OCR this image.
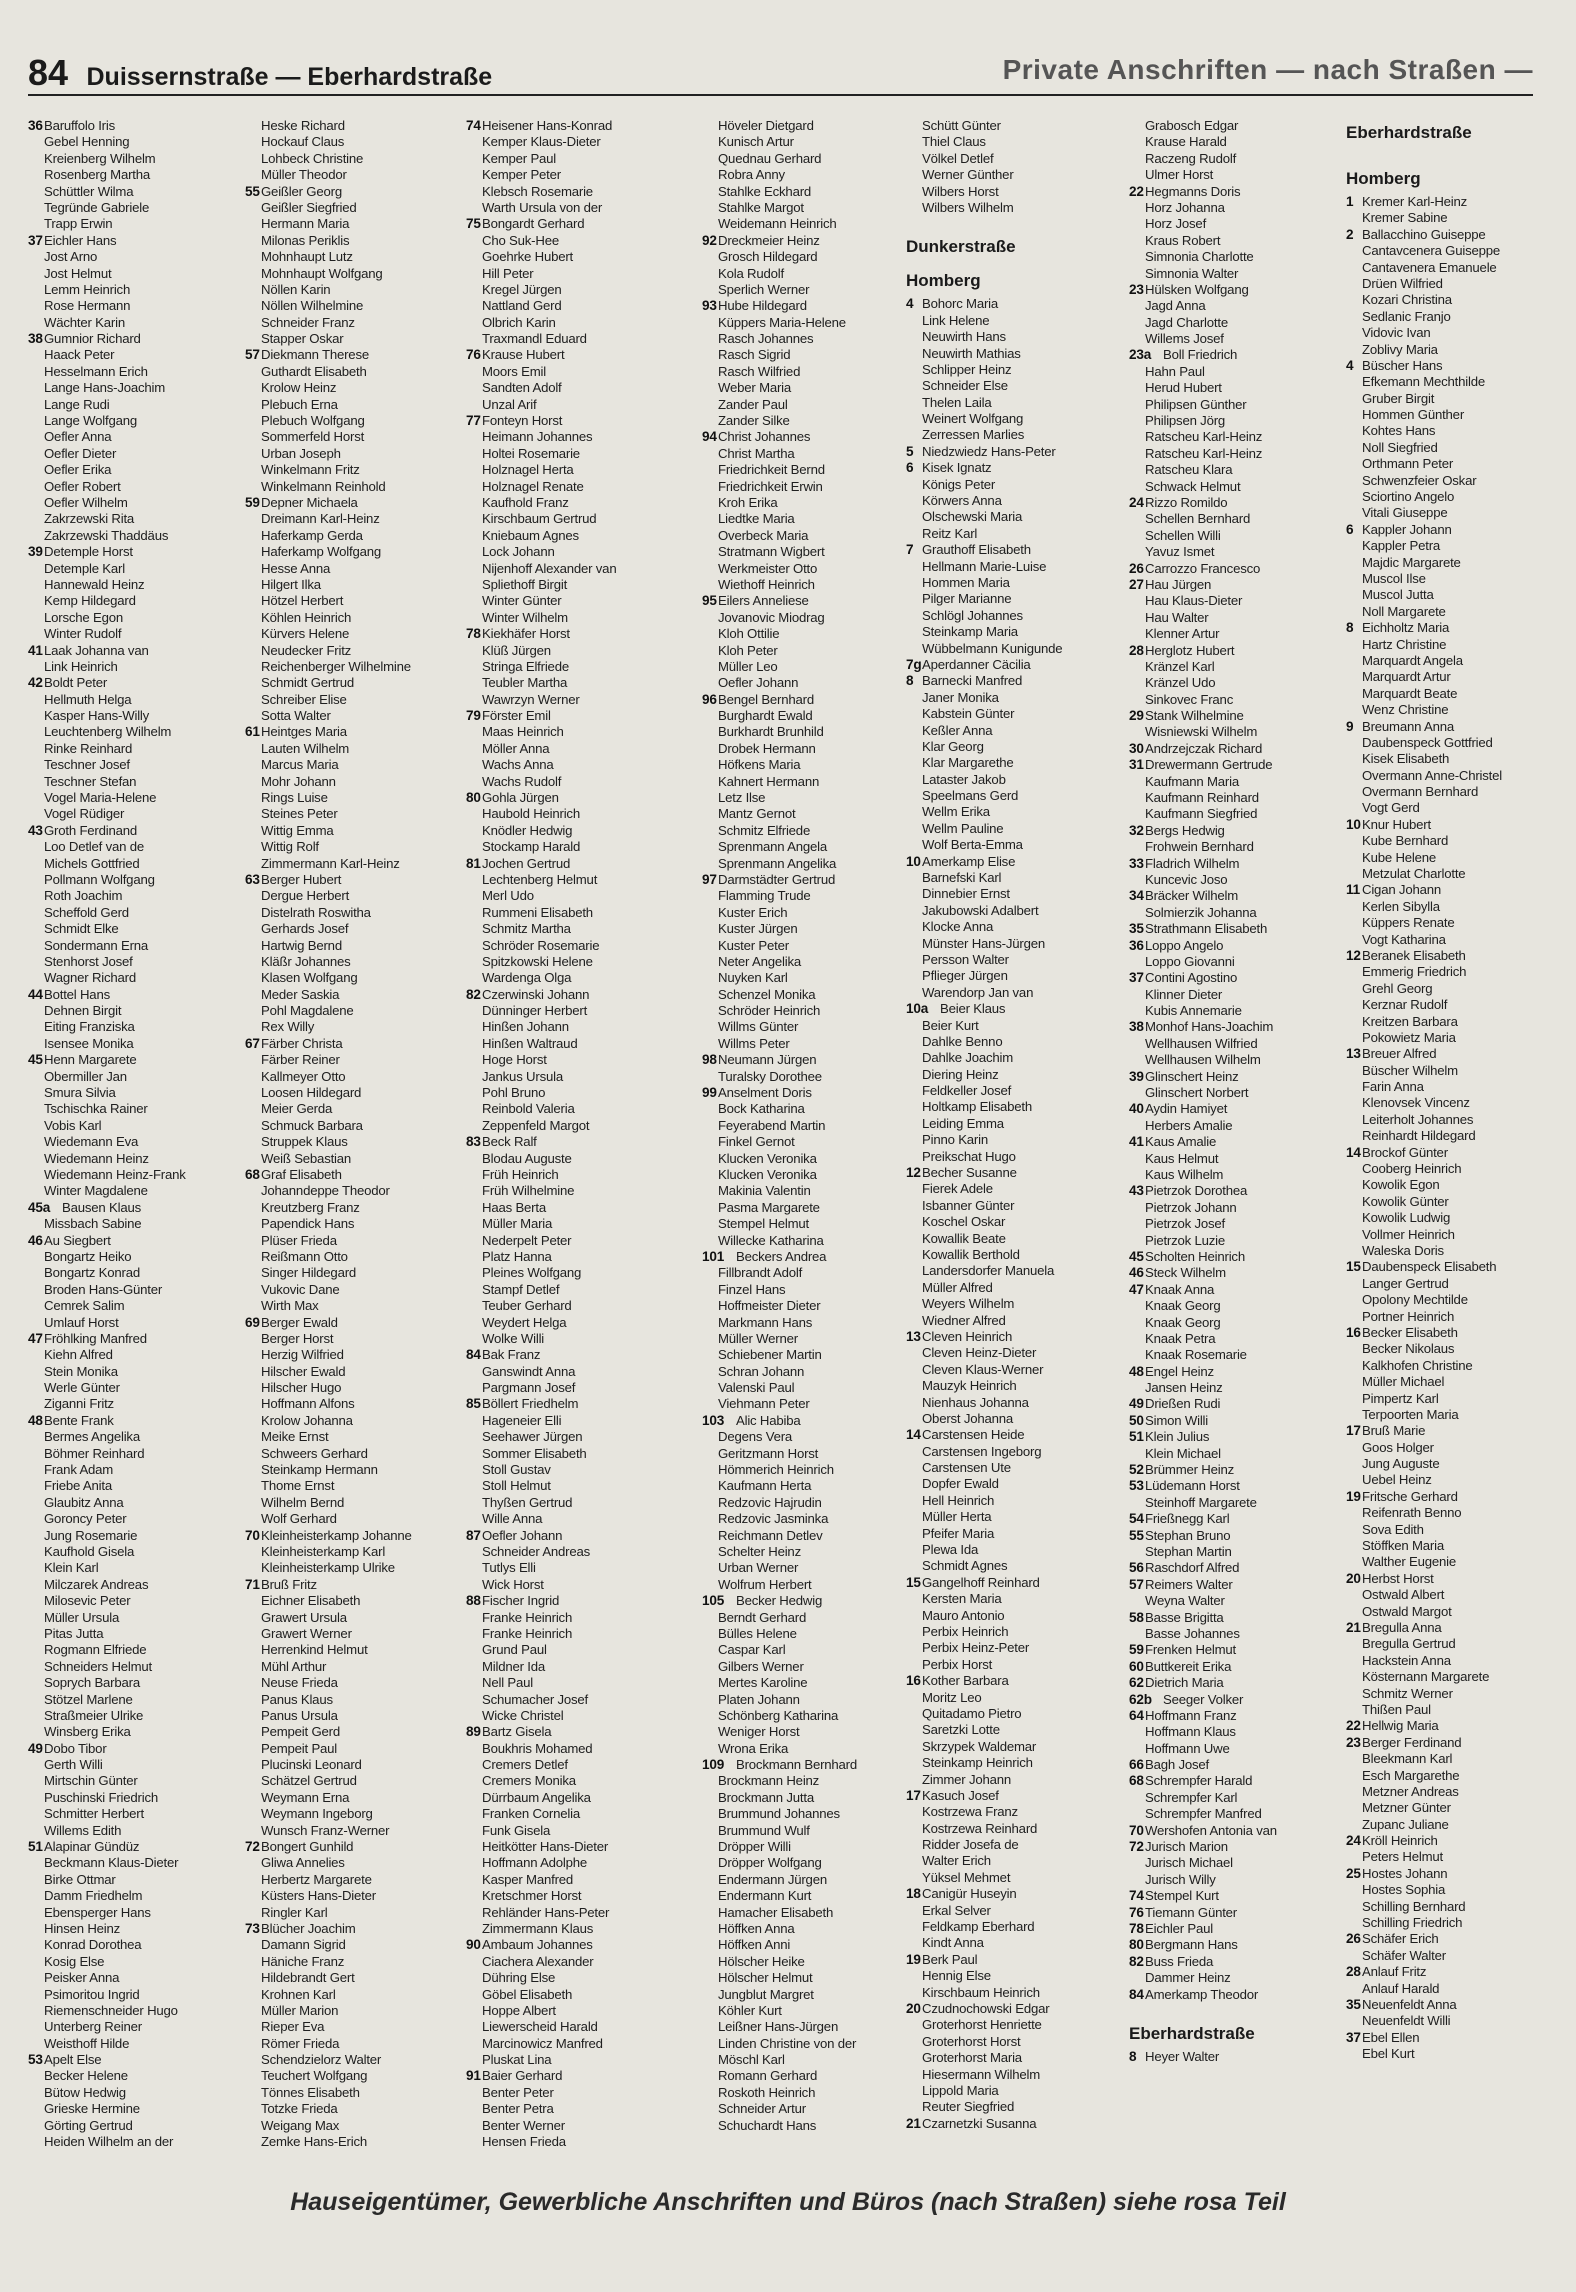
84 Duissernstraße — Eberhardstraße	Private Anschriften — nach Straßen —
36 Baruffolo Iris
Gebel Henning
Kreienberg Wilhelm
Rosenberg Martha
Schüttler Wilma
Tegründe Gabriele
Trapp Erwin
37 Eichler Hans
Jost Arno
Jost Helmut
Lemm Heinrich
Rose Hermann
Wächter Karin
38 Gumnior Richard
Haack Peter
Hesselmann Erich
Lange Hans-Joachim
Lange Rudi
Lange Wolfgang
Oefler Anna
Oefler Dieter
Oefler Erika
Oefler Robert
Oefler Wilhelm
Zakrzewski Rita
Zakrzewski Thaddäus
39 Detemple Horst
Detemple Karl
Hannewald Heinz
Kemp Hildegard
Lorsche Egon
Winter Rudolf
41 Laak Johanna van
Link Heinrich
42 Boldt Peter
Hellmuth Helga
Kasper Hans-Willy
Leuchtenberg Wilhelm
Rinke Reinhard
Teschner Josef
Teschner Stefan
Vogel Maria-Helene
Vogel Rüdiger
43 Groth Ferdinand
Loo Detlef van de
Michels Gottfried
Pollmann Wolfgang
Roth Joachim
Scheffold Gerd
Schmidt Elke
Sondermann Erna
Stenhorst Josef
Wagner Richard
44 Bottel Hans
Dehnen Birgit
Eiting Franziska
Isensee Monika
45 Henn Margarete
Obermiller Jan
Smura Silvia
Tschischka Rainer
Vobis Karl
Wiedemann Eva
Wiedemann Heinz
Wiedemann Heinz-Frank
Winter Magdalene
45a Bausen Klaus
Missbach Sabine
46 Au Siegbert
Bongartz Heiko
Bongartz Konrad
Broden Hans-Günter
Cemrek Salim
Umlauf Horst
47 Fröhlking Manfred
Kiehn Alfred
Stein Monika
Werle Günter
Ziganni Fritz
48 Bente Frank
Bermes Angelika
Böhmer Reinhard
Frank Adam
Friebe Anita
Glaubitz Anna
Goroncy Peter
Jung Rosemarie
Kaufhold Gisela
Klein Karl
Milczarek Andreas
Milosevic Peter
Müller Ursula
Pitas Jutta
Rogmann Elfriede
Schneiders Helmut
Soprych Barbara
Stötzel Marlene
Straßmeier Ulrike
Winsberg Erika
49 Dobo Tibor
Gerth Willi
Mirtschin Günter
Puschinski Friedrich
Schmitter Herbert
Willems Edith
51 Alapinar Gündüz
Beckmann Klaus-Dieter
Birke Ottmar
Damm Friedhelm
Ebensperger Hans
Hinsen Heinz
Konrad Dorothea
Kosig Else
Peisker Anna
Psimoritou Ingrid
Riemenschneider Hugo
Unterberg Reiner
Weisthoff Hilde
53 Apelt Else
Becker Helene
Bütow Hedwig
Grieske Hermine
Görting Gertrud
Heiden Wilhelm an der
Heske Richard
Hockauf Claus
Lohbeck Christine
Müller Theodor
55 Geißler Georg
Geißler Siegfried
Hermann Maria
Milonas Periklis
Mohnhaupt Lutz
Mohnhaupt Wolfgang
Nöllen Karin
Nöllen Wilhelmine
Schneider Franz
Stapper Oskar
57 Diekmann Therese
Guthardt Elisabeth
Krolow Heinz
Plebuch Erna
Plebuch Wolfgang
Sommerfeld Horst
Urban Joseph
Winkelmann Fritz
Winkelmann Reinhold
59 Depner Michaela
Dreimann Karl-Heinz
Haferkamp Gerda
Haferkamp Wolfgang
Hesse Anna
Hilgert Ilka
Hötzel Herbert
Köhlen Heinrich
Kürvers Helene
Neudecker Fritz
Reichenberger Wilhelmine
Schmidt Gertrud
Schreiber Elise
Sotta Walter
61 Heintges Maria
Lauten Wilhelm
Marcus Maria
Mohr Johann
Rings Luise
Steines Peter
Wittig Emma
Wittig Rolf
Zimmermann Karl-Heinz
63 Berger Hubert
Dergue Herbert
Distelrath Roswitha
Gerhards Josef
Hartwig Bernd
Kläßr Johannes
Klasen Wolfgang
Meder Saskia
Pohl Magdalene
Rex Willy
67 Färber Christa
Färber Reiner
Kallmeyer Otto
Loosen Hildegard
Meier Gerda
Schmuck Barbara
Struppek Klaus
Weiß Sebastian
68 Graf Elisabeth
Johanndeppe Theodor
Kreutzberg Franz
Papendick Hans
Plüser Frieda
Reißmann Otto
Singer Hildegard
Vukovic Dane
Wirth Max
69 Berger Ewald
Berger Horst
Herzig Wilfried
Hilscher Ewald
Hilscher Hugo
Hoffmann Alfons
Krolow Johanna
Meike Ernst
Schweers Gerhard
Steinkamp Hermann
Thome Ernst
Wilhelm Bernd
Wolf Gerhard
70 Kleinheisterkamp Johanne
Kleinheisterkamp Karl
Kleinheisterkamp Ulrike
71 Bruß Fritz
Eichner Elisabeth
Grawert Ursula
Grawert Werner
Herrenkind Helmut
Mühl Arthur
Neuse Frieda
Panus Klaus
Panus Ursula
Pempeit Gerd
Pempeit Paul
Plucinski Leonard
Schätzel Gertrud
Weymann Erna
Weymann Ingeborg
Wunsch Franz-Werner
72 Bongert Gunhild
Gliwa Annelies
Herbertz Margarete
Küsters Hans-Dieter
Ringler Karl
73 Blücher Joachim
Damann Sigrid
Häniche Franz
Hildebrandt Gert
Krohnen Karl
Müller Marion
Rieper Eva
Römer Frieda
Schendzielorz Walter
Teuchert Wolfgang
Tönnes Elisabeth
Totzke Frieda
Weigang Max
Zemke Hans-Erich
74 Heisener Hans-Konrad
Kemper Klaus-Dieter
Kemper Paul
Kemper Peter
Klebsch Rosemarie
Warth Ursula von der
75 Bongardt Gerhard
Cho Suk-Hee
Goehrke Hubert
Hill Peter
Kregel Jürgen
Nattland Gerd
Olbrich Karin
Traxmandl Eduard
76 Krause Hubert
Moors Emil
Sandten Adolf
Unzal Arif
77 Fonteyn Horst
Heimann Johannes
Holtei Rosemarie
Holznagel Herta
Holznagel Renate
Kaufhold Franz
Kirschbaum Gertrud
Kniebaum Agnes
Lock Johann
Nijenhoff Alexander van
Spliethoff Birgit
Winter Günter
Winter Wilhelm
78 Kiekhäfer Horst
Klüß Jürgen
Stringa Elfriede
Teubler Martha
Wawrzyn Werner
79 Förster Emil
Maas Heinrich
Möller Anna
Wachs Anna
Wachs Rudolf
80 Gohla Jürgen
Haubold Heinrich
Knödler Hedwig
Stockamp Harald
81 Jochen Gertrud
Lechtenberg Helmut
Merl Udo
Rummeni Elisabeth
Schmitz Martha
Schröder Rosemarie
Spitzkowski Helene
Wardenga Olga
82 Czerwinski Johann
Dünninger Herbert
Hinßen Johann
Hinßen Waltraud
Hoge Horst
Jankus Ursula
Pohl Bruno
Reinbold Valeria
Zeppenfeld Margot
83 Beck Ralf
Blodau Auguste
Früh Heinrich
Früh Wilhelmine
Haas Berta
Müller Maria
Nederpelt Peter
Platz Hanna
Pleines Wolfgang
Stampf Detlef
Teuber Gerhard
Weydert Helga
Wolke Willi
84 Bak Franz
Ganswindt Anna
Pargmann Josef
85 Böllert Friedhelm
Hageneier Elli
Seehawer Jürgen
Sommer Elisabeth
Stoll Gustav
Stoll Helmut
Thyßen Gertrud
Wille Anna
87 Oefler Johann
Schneider Andreas
Tutlys Elli
Wick Horst
88 Fischer Ingrid
Franke Heinrich
Franke Heinrich
Grund Paul
Mildner Ida
Nell Paul
Schumacher Josef
Wicke Christel
89 Bartz Gisela
Boukhris Mohamed
Cremers Detlef
Cremers Monika
Dürrbaum Angelika
Franken Cornelia
Funk Gisela
Heitkötter Hans-Dieter
Hoffmann Adolphe
Kasper Manfred
Kretschmer Horst
Rehländer Hans-Peter
Zimmermann Klaus
90 Ambaum Johannes
Ciachera Alexander
Dühring Else
Göbel Elisabeth
Hoppe Albert
Liewerscheid Harald
Marcinowicz Manfred
Pluskat Lina
91 Baier Gerhard
Benter Peter
Benter Petra
Benter Werner
Hensen Frieda
Höveler Dietgard
Kunisch Artur
Quednau Gerhard
Robra Anny
Stahlke Eckhard
Stahlke Margot
Weidemann Heinrich
92 Dreckmeier Heinz
Grosch Hildegard
Kola Rudolf
Sperlich Werner
93 Hube Hildegard
Küppers Maria-Helene
Rasch Johannes
Rasch Sigrid
Rasch Wilfried
Weber Maria
Zander Paul
Zander Silke
94 Christ Johannes
Christ Martha
Friedrichkeit Bernd
Friedrichkeit Erwin
Kroh Erika
Liedtke Maria
Overbeck Maria
Stratmann Wigbert
Werkmeister Otto
Wiethoff Heinrich
95 Eilers Anneliese
Jovanovic Miodrag
Kloh Ottilie
Kloh Peter
Müller Leo
Oefler Johann
96 Bengel Bernhard
Burghardt Ewald
Burkhardt Brunhild
Drobek Hermann
Höfkens Maria
Kahnert Hermann
Letz Ilse
Mantz Gernot
Schmitz Elfriede
Sprenmann Angela
Sprenmann Angelika
97 Darmstädter Gertrud
Flamming Trude
Kuster Erich
Kuster Jürgen
Kuster Peter
Neter Angelika
Nuyken Karl
Schenzel Monika
Schröder Heinrich
Willms Günter
Willms Peter
98 Neumann Jürgen
Turalsky Dorothee
99 Anselment Doris
Bock Katharina
Feyerabend Martin
Finkel Gernot
Klucken Veronika
Klucken Veronika
Makinia Valentin
Pasma Margarete
Stempel Helmut
Willecke Katharina
101 Beckers Andrea
Fillbrandt Adolf
Finzel Hans
Hoffmeister Dieter
Markmann Hans
Müller Werner
Schiebener Martin
Schran Johann
Valenski Paul
Viehmann Peter
103 Alic Habiba
Degens Vera
Geritzmann Horst
Hömmerich Heinrich
Kaufmann Herta
Redzovic Hajrudin
Redzovic Jasminka
Reichmann Detlev
Schelter Heinz
Urban Werner
Wolfrum Herbert
105 Becker Hedwig
Berndt Gerhard
Bülles Helene
Caspar Karl
Gilbers Werner
Mertes Karoline
Platen Johann
Schönberg Katharina
Weniger Horst
Wrona Erika
109 Brockmann Bernhard
Brockmann Heinz
Brockmann Jutta
Brummund Johannes
Brummund Wulf
Dröpper Willi
Dröpper Wolfgang
Endermann Jürgen
Endermann Kurt
Hamacher Elisabeth
Höffken Anna
Höffken Anni
Hölscher Heike
Hölscher Helmut
Jungblut Margret
Köhler Kurt
Leißner Hans-Jürgen
Linden Christine von der
Möschl Karl
Romann Gerhard
Roskoth Heinrich
Schneider Artur
Schuchardt Hans
Schütt Günter
Thiel Claus
Völkel Detlef
Werner Günther
Wilbers Horst
Wilbers Wilhelm
Dunkerstraße
Homberg
4 Bohorc Maria
Link Helene
Neuwirth Hans
Neuwirth Mathias
Schlipper Heinz
Schneider Else
Thelen Laila
Weinert Wolfgang
Zerressen Marlies
5 Niedzwiedz Hans-Peter
6 Kisek Ignatz
Königs Peter
Körwers Anna
Olschewski Maria
Reitz Karl
7 Grauthoff Elisabeth
Hellmann Marie-Luise
Hommen Maria
Pilger Marianne
Schlögl Johannes
Steinkamp Maria
Wübbelmann Kunigunde
7g Aperdanner Cäcilia
8 Barnecki Manfred
Janer Monika
Kabstein Günter
Keßler Anna
Klar Georg
Klar Margarethe
Lataster Jakob
Speelmans Gerd
Wellm Erika
Wellm Pauline
Wolf Berta-Emma
10 Amerkamp Elise
Barnefski Karl
Dinnebier Ernst
Jakubowski Adalbert
Klocke Anna
Münster Hans-Jürgen
Persson Walter
Pflieger Jürgen
Warendorp Jan van
10a Beier Klaus
Beier Kurt
Dahlke Benno
Dahlke Joachim
Diering Heinz
Feldkeller Josef
Holtkamp Elisabeth
Leiding Emma
Pinno Karin
Preikschat Hugo
12 Becher Susanne
Fierek Adele
Isbanner Günter
Koschel Oskar
Kowallik Beate
Kowallik Berthold
Landersdorfer Manuela
Müller Alfred
Weyers Wilhelm
Wiedner Alfred
13 Cleven Heinrich
Cleven Heinz-Dieter
Cleven Klaus-Werner
Mauzyk Heinrich
Nienhaus Johanna
Oberst Johanna
14 Carstensen Heide
Carstensen Ingeborg
Carstensen Ute
Dopfer Ewald
Hell Heinrich
Müller Herta
Pfeifer Maria
Plewa Ida
Schmidt Agnes
15 Gangelhoff Reinhard
Kersten Maria
Mauro Antonio
Perbix Heinrich
Perbix Heinz-Peter
Perbix Horst
16 Kother Barbara
Moritz Leo
Quitadamo Pietro
Saretzki Lotte
Skrzypek Waldemar
Steinkamp Heinrich
Zimmer Johann
17 Kasuch Josef
Kostrzewa Franz
Kostrzewa Reinhard
Ridder Josefa de
Walter Erich
Yüksel Mehmet
18 Canigür Huseyin
Erkal Selver
Feldkamp Eberhard
Kindt Anna
19 Berk Paul
Hennig Else
Kirschbaum Heinrich
20 Czudnochowski Edgar
Groterhorst Henriette
Groterhorst Horst
Groterhorst Maria
Hiesermann Wilhelm
Lippold Maria
Reuter Siegfried
21 Czarnetzki Susanna
Grabosch Edgar
Krause Harald
Raczeng Rudolf
Ulmer Horst
22 Hegmanns Doris
Horz Johanna
Horz Josef
Kraus Robert
Simnonia Charlotte
Simnonia Walter
23 Hülsken Wolfgang
Jagd Anna
Jagd Charlotte
Willems Josef
23a Boll Friedrich
Hahn Paul
Herud Hubert
Philipsen Günther
Philipsen Jörg
Ratscheu Karl-Heinz
Ratscheu Karl-Heinz
Ratscheu Klara
Schwack Helmut
24 Rizzo Romildo
Schellen Bernhard
Schellen Willi
Yavuz Ismet
26 Carrozzo Francesco
27 Hau Jürgen
Hau Klaus-Dieter
Hau Walter
Klenner Artur
28 Herglotz Hubert
Kränzel Karl
Kränzel Udo
Sinkovec Franc
29 Stank Wilhelmine
Wisniewski Wilhelm
30 Andrzejczak Richard
31 Drewermann Gertrude
Kaufmann Maria
Kaufmann Reinhard
Kaufmann Siegfried
32 Bergs Hedwig
Frohwein Bernhard
33 Fladrich Wilhelm
Kuncevic Joso
34 Bräcker Wilhelm
Solmierzik Johanna
35 Strathmann Elisabeth
36 Loppo Angelo
Loppo Giovanni
37 Contini Agostino
Klinner Dieter
Kubis Annemarie
38 Monhof Hans-Joachim
Wellhausen Wilfried
Wellhausen Wilhelm
39 Glinschert Heinz
Glinschert Norbert
40 Aydin Hamiyet
Herbers Amalie
41 Kaus Amalie
Kaus Helmut
Kaus Wilhelm
43 Pietrzok Dorothea
Pietrzok Johann
Pietrzok Josef
Pietrzok Luzie
45 Scholten Heinrich
46 Steck Wilhelm
47 Knaak Anna
Knaak Georg
Knaak Georg
Knaak Petra
Knaak Rosemarie
48 Engel Heinz
Jansen Heinz
49 Drießen Rudi
50 Simon Willi
51 Klein Julius
Klein Michael
52 Brümmer Heinz
53 Lüdemann Horst
Steinhoff Margarete
54 Frießnegg Karl
55 Stephan Bruno
Stephan Martin
56 Raschdorf Alfred
57 Reimers Walter
Weyna Walter
58 Basse Brigitta
Basse Johannes
59 Frenken Helmut
60 Buttkereit Erika
62 Dietrich Maria
62b Seeger Volker
64 Hoffmann Franz
Hoffmann Klaus
Hoffmann Uwe
66 Bagh Josef
68 Schrempfer Harald
Schrempfer Karl
Schrempfer Manfred
70 Wershofen Antonia van
72 Jurisch Marion
Jurisch Michael
Jurisch Willy
74 Stempel Kurt
76 Tiemann Günter
78 Eichler Paul
80 Bergmann Hans
82 Buss Frieda
Dammer Heinz
84 Amerkamp Theodor
Eberhardstraße
8 Heyer Walter
Eberhardstraße
Homberg
1 Kremer Karl-Heinz
Kremer Sabine
2 Ballacchino Guiseppe
Cantavcenera Guiseppe
Cantavenera Emanuele
Drüen Wilfried
Kozari Christina
Sedlanic Franjo
Vidovic Ivan
Zoblivy Maria
4 Büscher Hans
Efkemann Mechthilde
Gruber Birgit
Hommen Günther
Kohtes Hans
Noll Siegfried
Orthmann Peter
Schwenzfeier Oskar
Sciortino Angelo
Vitali Giuseppe
6 Kappler Johann
Kappler Petra
Majdic Margarete
Muscol Ilse
Muscol Jutta
Noll Margarete
8 Eichholtz Maria
Hartz Christine
Marquardt Angela
Marquardt Artur
Marquardt Beate
Wenz Christine
9 Breumann Anna
Daubenspeck Gottfried
Kisek Elisabeth
Overmann Anne-Christel
Overmann Bernhard
Vogt Gerd
10 Knur Hubert
Kube Bernhard
Kube Helene
Metzulat Charlotte
11 Cigan Johann
Kerlen Sibylla
Küppers Renate
Vogt Katharina
12 Beranek Elisabeth
Emmerig Friedrich
Grehl Georg
Kerznar Rudolf
Kreitzen Barbara
Pokowietz Maria
13 Breuer Alfred
Büscher Wilhelm
Farin Anna
Klenovsek Vincenz
Leiterholt Johannes
Reinhardt Hildegard
14 Brockof Günter
Cooberg Heinrich
Kowolik Egon
Kowolik Günter
Kowolik Ludwig
Vollmer Heinrich
Waleska Doris
15 Daubenspeck Elisabeth
Langer Gertrud
Opolony Mechtilde
Portner Heinrich
16 Becker Elisabeth
Becker Nikolaus
Kalkhofen Christine
Müller Michael
Pimpertz Karl
Terpoorten Maria
17 Bruß Marie
Goos Holger
Jung Auguste
Uebel Heinz
19 Fritsche Gerhard
Reifenrath Benno
Sova Edith
Stöffken Maria
Walther Eugenie
20 Herbst Horst
Ostwald Albert
Ostwald Margot
21 Bregulla Anna
Bregulla Gertrud
Hackstein Anna
Kösternann Margarete
Schmitz Werner
Thißen Paul
22 Hellwig Maria
23 Berger Ferdinand
Bleekmann Karl
Esch Margarethe
Metzner Andreas
Metzner Günter
Zupanc Juliane
24 Kröll Heinrich
Peters Helmut
25 Hostes Johann
Hostes Sophia
Schilling Bernhard
Schilling Friedrich
26 Schäfer Erich
Schäfer Walter
28 Anlauf Fritz
Anlauf Harald
35 Neuenfeldt Anna
Neuenfeldt Willi
37 Ebel Ellen
Ebel Kurt
Hauseigentümer, Gewerbliche Anschriften und Büros (nach Straßen) siehe rosa Teil
